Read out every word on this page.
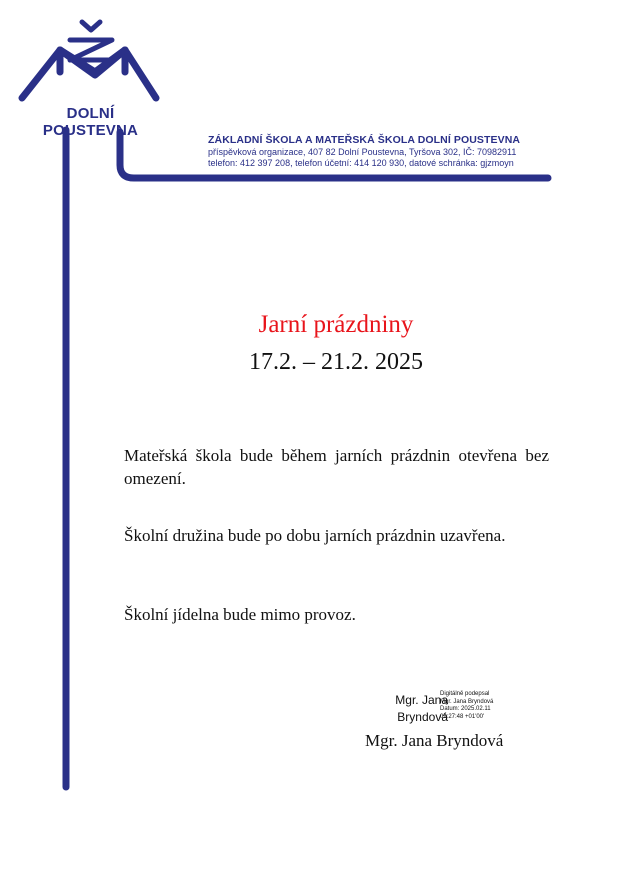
DOLNÍ POUSTEVNA
ZÁKLADNÍ ŠKOLA A MATEŘSKÁ ŠKOLA DOLNÍ POUSTEVNA
příspěvková organizace, 407 82 Dolní Poustevna, Tyršova 302, IČ: 70982911
telefon: 412 397 208, telefon účetní: 414 120 930, datové schránka: gjzmoyn
Jarní prázdniny
17.2. – 21.2. 2025
Mateřská škola bude během jarních prázdnin otevřena bez omezení.
Školní družina bude po dobu jarních prázdnin uzavřena.
Školní jídelna bude mimo provoz.
Mgr. Jana
Bryndová
Digitálně podepsal
Mgr. Jana Bryndová
Datum: 2025.02.11
09:27:48 +01'00'
Mgr. Jana Bryndová
